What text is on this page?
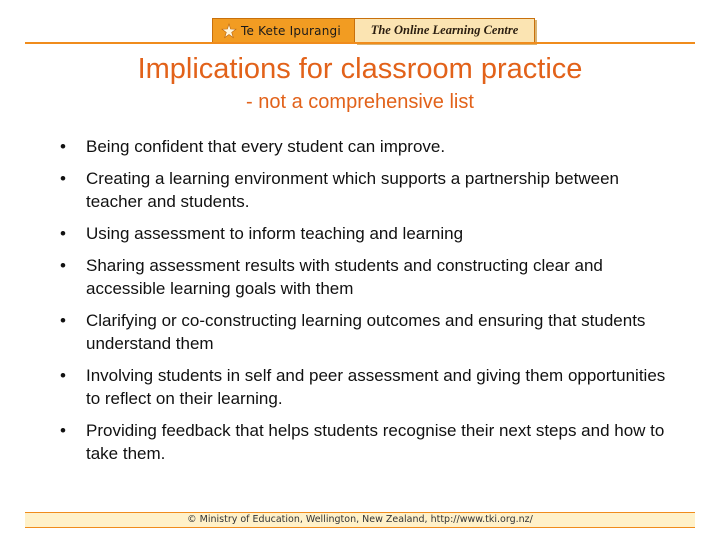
Te Kete Ipurangi The Online Learning Centre
Implications for classroom practice
- not a comprehensive list
•	Being confident that every student can improve.
•	Creating a learning environment which supports a partnership between teacher and students.
•	Using assessment to inform teaching and learning
•	Sharing assessment results with students and constructing clear and accessible learning goals with them
•	Clarifying or co-constructing learning outcomes and ensuring that students understand them
•	Involving students in self and peer assessment and giving them opportunities to reflect on their learning.
•	Providing feedback that helps students recognise their next steps and how to take them.
© Ministry of Education, Wellington, New Zealand, http://www.tki.org.nz/
